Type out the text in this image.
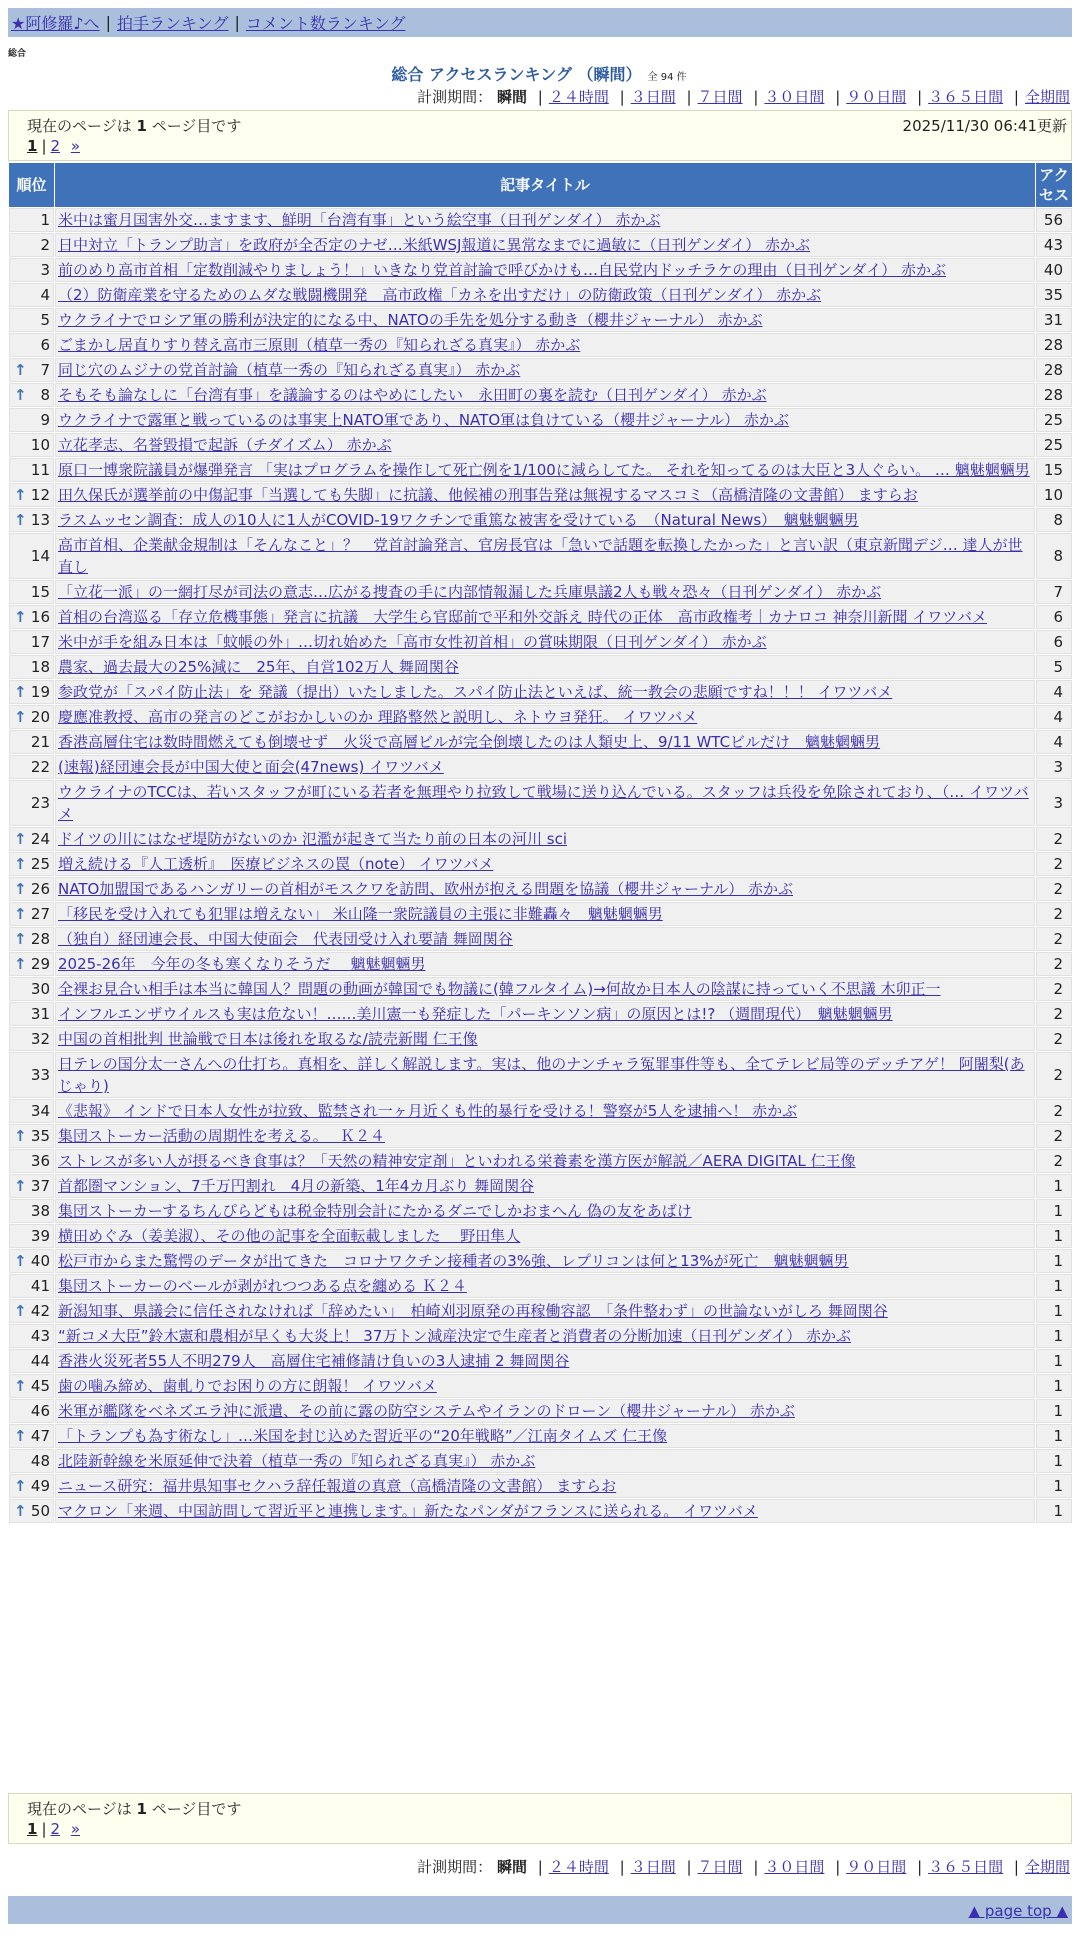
★阿修羅♪へ | 拍手ランキング | コメント数ランキング
総合
総合 アクセスランキング （瞬間） 全 94 件
計測期間： 瞬間 | ２４時間 | ３日間 | ７日間 | ３０日間 | ９０日間 | ３６５日間 | 全期間
現在のページは 1 ページ目です	2025/11/30 06:41更新
1 | 2 »
順位	記事タイトル	アクセス
1	米中は蜜月国害外交…ますます、鮮明「台湾有事」という絵空事（日刊ゲンダイ） 赤かぶ	56
2	日中対立「トランプ助言」を政府が全否定のナゼ…米紙WSJ報道に異常なまでに過敏に（日刊ゲンダイ） 赤かぶ	43
3	前のめり高市首相「定数削減やりましょう！」いきなり党首討論で呼びかけも…自民党内ドッチラケの理由（日刊ゲンダイ） 赤かぶ	40
4	（2）防衛産業を守るためのムダな戦闘機開発　高市政権「カネを出すだけ」の防衛政策（日刊ゲンダイ） 赤かぶ	35
5	ウクライナでロシア軍の勝利が決定的になる中、NATOの手先を処分する動き（櫻井ジャーナル） 赤かぶ	31
6	ごまかし居直りすり替え高市三原則（植草一秀の『知られざる真実』） 赤かぶ	28

↑ 7	同じ穴のムジナの党首討論（植草一秀の『知られざる真実』） 赤かぶ	28

↑ 8	そもそも論なしに「台湾有事」を議論するのはやめにしたい　永田町の裏を読む（日刊ゲンダイ） 赤かぶ	28
9	ウクライナで露軍と戦っているのは事実上NATO軍であり、NATO軍は負けている（櫻井ジャーナル） 赤かぶ	25
10	立花孝志、名誉毀損で起訴（チダイズム） 赤かぶ	25
11	原口一博衆院議員が爆弾発言 「実はプログラムを操作して死亡例を1/100に減らしてた。 それを知ってるのは大臣と3人ぐらい。 … 魑魅魍魎男	15

↑ 12	田久保氏が選挙前の中傷記事「当選しても失脚」に抗議、他候補の刑事告発は無視するマスコミ（高橋清隆の文書館） ますらお	10

↑ 13	ラスムッセン調査：成人の10人に1人がCOVID-19ワクチンで重篤な被害を受けている　（Natural News）　魑魅魍魎男	8
14	高市首相、企業献金規制は「そんなこと」？　党首討論発言、官房長官は「急いで話題を転換したかった」と言い訳（東京新聞デジ… 達人が世直し	8
15	「立花一派」の一網打尽が司法の意志…広がる捜査の手に内部情報漏した兵庫県議2人も戦々恐々（日刊ゲンダイ） 赤かぶ	7

↑ 16	首相の台湾巡る「存立危機事態」発言に抗議　大学生ら官邸前で平和外交訴え 時代の正体　高市政権考｜カナロコ 神奈川新聞 イワツバメ	6
17	米中が手を組み日本は「蚊帳の外」…切れ始めた「高市女性初首相」の賞味期限（日刊ゲンダイ） 赤かぶ	6
18	農家、過去最大の25%減に　25年、自営102万人 舞岡関谷	5

↑ 19	参政党が「スパイ防止法」を 発議（提出）いたしました。スパイ防止法といえば、統一教会の悲願ですね！！！ イワツバメ	4

↑ 20	慶應准教授、高市の発言のどこがおかしいのか 理路整然と説明し、ネトウヨ発狂。 イワツバメ	4
21	香港高層住宅は数時間燃えても倒壊せず　火災で高層ビルが完全倒壊したのは人類史上、9/11 WTCビルだけ　魑魅魍魎男	4
22	(速報)経団連会長が中国大使と面会(47news) イワツバメ	3
23	ウクライナのTCCは、若いスタッフが町にいる若者を無理やり拉致して戦場に送り込んでいる。スタッフは兵役を免除されており、（… イワツバメ	3

↑ 24	ドイツの川にはなぜ堤防がないのか 氾濫が起きて当たり前の日本の河川 sci	2

↑ 25	増え続ける『人工透析』　医療ビジネスの罠（note） イワツバメ	2

↑ 26	NATO加盟国であるハンガリーの首相がモスクワを訪問、欧州が抱える問題を協議（櫻井ジャーナル） 赤かぶ	2

↑ 27	「移民を受け入れても犯罪は増えない」 米山隆一衆院議員の主張に非難轟々　魑魅魍魎男	2

↑ 28	（独自）経団連会長、中国大使面会　代表団受け入れ要請 舞岡関谷	2

↑ 29	2025-26年　今年の冬も寒くなりそうだ　 魑魅魍魎男	2
30	全裸お見合い相手は本当に韓国人？問題の動画が韓国でも物議に(韓フルタイム)→何故か日本人の陰謀に持っていく不思議 木卯正一	2
31	インフルエンザウイルスも実は危ない！……美川憲一も発症した「パーキンソン病」の原因とは!? （週間現代）　魑魅魍魎男	2
32	中国の首相批判 世論戦で日本は後れを取るな/読売新聞 仁王像	2
33	日テレの国分太一さんへの仕打ち。真相を、詳しく解説します。実は、他のナンチャラ冤罪事件等も、全てテレビ局等のデッチアゲ！ 阿闍梨(あじゃり)	2
34	《悲報》 インドで日本人女性が拉致、監禁され一ヶ月近くも性的暴行を受ける！警察が5人を逮捕へ！ 赤かぶ	2

↑ 35	集団ストーカー活動の周期性を考える。　 Ｋ２４	2
36	ストレスが多い人が摂るべき食事は？「天然の精神安定剤」といわれる栄養素を漢方医が解説／AERA DIGITAL 仁王像	2

↑ 37	首都圏マンション、7千万円割れ　4月の新築、1年4カ月ぶり 舞岡関谷	1
38	集団ストーカーするちんぴらどもは税金特別会計にたかるダニでしかおまへん 偽の友をあばけ	1
39	横田めぐみ（姜美淑）、その他の記事を全面転載しました　 野田隼人	1

↑ 40	松戸市からまた驚愕のデータが出てきた　コロナワクチン接種者の3%強、レプリコンは何と13%が死亡　魑魅魍魎男	1
41	集団ストーカーのベールが剥がれつつある点を纏める Ｋ２４	1

↑ 42	新潟知事、県議会に信任されなければ「辞めたい」　柏崎刈羽原発の再稼働容認　「条件整わず」の世論ないがしろ 舞岡関谷	1
43	“新コメ大臣”鈴木憲和農相が早くも大炎上！ 37万トン減産決定で生産者と消費者の分断加速（日刊ゲンダイ） 赤かぶ	1
44	香港火災死者55人不明279人　高層住宅補修請け負いの3人逮捕 2 舞岡関谷	1

↑ 45	歯の噛み締め、歯軋りでお困りの方に朗報！ イワツバメ	1
46	米軍が艦隊をベネズエラ沖に派遣、その前に露の防空システムやイランのドローン（櫻井ジャーナル） 赤かぶ	1

↑ 47	「トランプも為す術なし」…米国を封じ込めた習近平の“20年戦略”／江南タイムズ 仁王像	1
48	北陸新幹線を米原延伸で決着（植草一秀の『知られざる真実』） 赤かぶ	1

↑ 49	ニュース研究：福井県知事セクハラ辞任報道の真意（高橋清隆の文書館） ますらお	1

↑ 50	マクロン「来週、中国訪問して習近平と連携します。」新たなパンダがフランスに送られる。 イワツバメ	1
現在のページは 1 ページ目です
1 | 2 »
計測期間： 瞬間 | ２４時間 | ３日間 | ７日間 | ３０日間 | ９０日間 | ３６５日間 | 全期間
▲ page top ▲
